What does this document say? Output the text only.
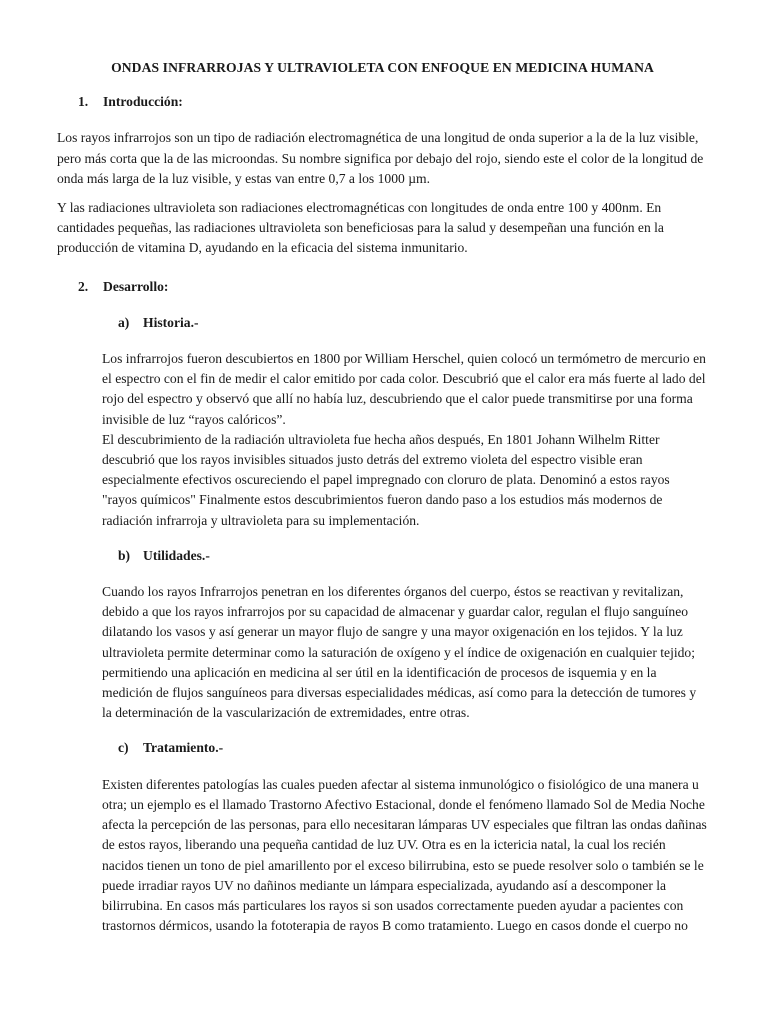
ONDAS INFRARROJAS Y ULTRAVIOLETA CON ENFOQUE EN MEDICINA HUMANA
1.	Introducción:

Los rayos infrarrojos son un tipo de radiación electromagnética de una longitud de onda superior a la de la luz visible, pero más corta que la de las microondas. Su nombre significa por debajo del rojo, siendo este el color de la longitud de onda más larga de la luz visible, y estas van entre 0,7 a los 1000 µm.

Y las radiaciones ultravioleta son radiaciones electromagnéticas con longitudes de onda entre 100 y 400nm. En cantidades pequeñas, las radiaciones ultravioleta son beneficiosas para la salud y desempeñan una función en la producción de vitamina D, ayudando en la eficacia del sistema inmunitario.

2.	Desarrollo:
a)	Historia.-

Los infrarrojos fueron descubiertos en 1800 por William Herschel, quien colocó un termómetro de mercurio en el espectro con el fin de medir el calor emitido por cada color. Descubrió que el calor era más fuerte al lado del rojo del espectro y observó que allí no había luz, descubriendo que el calor puede transmitirse por una forma invisible de luz “rayos calóricos”.

El descubrimiento de la radiación ultravioleta fue hecha años después, En 1801 Johann Wilhelm Ritter descubrió que los rayos invisibles situados justo detrás del extremo violeta del espectro visible eran especialmente efectivos oscureciendo el papel impregnado con cloruro de plata. Denominó a estos rayos "rayos químicos" Finalmente estos descubrimientos fueron dando paso a los estudios más modernos de radiación infrarroja y ultravioleta para su implementación.

b) Utilidades.-

Cuando los rayos Infrarrojos penetran en los diferentes órganos del cuerpo, éstos se reactivan y revitalizan, debido a que los rayos infrarrojos por su capacidad de almacenar y guardar calor, regulan el flujo sanguíneo dilatando los vasos y así generar un mayor flujo de sangre y una mayor oxigenación en los tejidos. Y la luz ultravioleta permite determinar como la saturación de oxígeno y el índice de oxigenación en cualquier tejido; permitiendo una aplicación en medicina al ser útil en la identificación de procesos de isquemia y en la medición de flujos sanguíneos para diversas especialidades médicas, así como para la detección de tumores y la determinación de la vascularización de extremidades, entre otras.

c)	Tratamiento.-

Existen diferentes patologías las cuales pueden afectar al sistema inmunológico o fisiológico de una manera u otra; un ejemplo es el llamado Trastorno Afectivo Estacional, donde el fenómeno llamado Sol de Media Noche afecta la percepción de las personas, para ello necesitaran lámparas UV especiales que filtran las ondas dañinas de estos rayos, liberando una pequeña cantidad de luz UV. Otra es en la ictericia natal, la cual los recién nacidos tienen un tono de piel amarillento por el exceso bilirrubina, esto se puede resolver solo o también se le puede irradiar rayos UV no dañinos mediante un lámpara especializada, ayudando así a descomponer la bilirrubina. En casos más particulares los rayos si son usados correctamente pueden ayudar a pacientes con trastornos dérmicos, usando la fototerapia de rayos B como tratamiento. Luego en casos donde el cuerpo no
